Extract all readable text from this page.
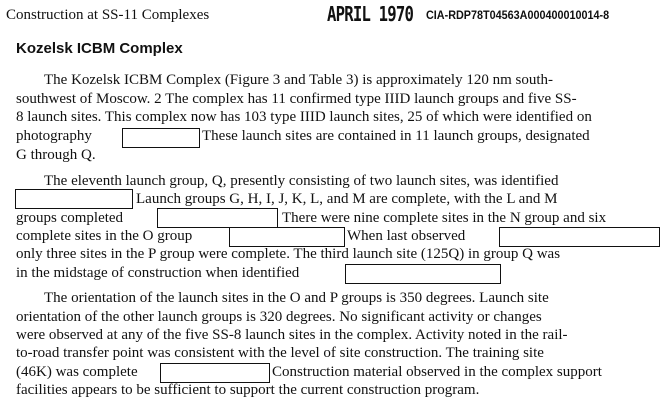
Construction at SS-11 Complexes	APRIL 1970 CIA-RDP78T04563A000400010014-8
Kozelsk ICBM Complex
The Kozelsk ICBM Complex (Figure 3 and Table 3) is approximately 120 nm south-
southwest of Moscow. 2 The complex has 11 confirmed type IIID launch groups and five SS-
8 launch sites. This complex now has 103 type IIID launch sites, 25 of which were identified on
photography	These launch sites are contained in 11 launch groups, designated
G through Q.
The eleventh launch group, Q, presently consisting of two launch sites, was identified
Launch groups G, H, I, J, K, L, and M are complete, with the L and M
groups completed	There were nine complete sites in the N group and six
complete sites in the O group	When last observed
only three sites in the P group were complete. The third launch site (125Q) in group Q was
in the midstage of construction when identified
The orientation of the launch sites in the O and P groups is 350 degrees. Launch site
orientation of the other launch groups is 320 degrees. No significant activity or changes
were observed at any of the five SS-8 launch sites in the complex. Activity noted in the rail-
to-road transfer point was consistent with the level of site construction. The training site
(46K) was complete	Construction material observed in the complex support
facilities appears to be sufficient to support the current construction program.
